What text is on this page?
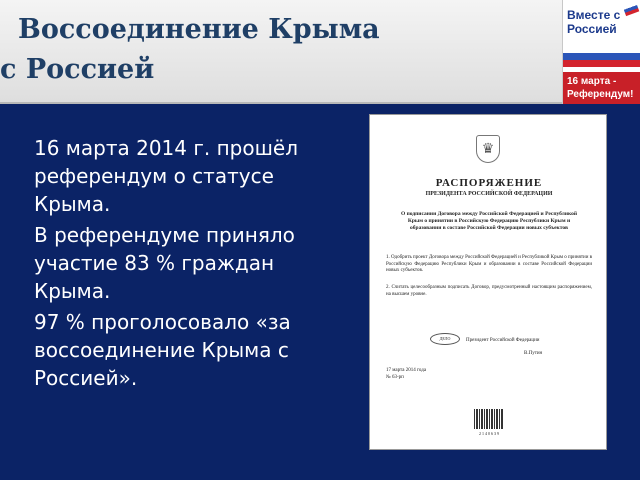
Воссоединение Крыма
с Россией
Вместе с Россией
16 марта - Референдум!

16 марта 2014 г. прошёл референдум о статусе Крыма.

В референдуме приняло участие 83 % граждан Крыма.

97 % проголосовало «за воссоединение Крыма с Россией».

♛
РАСПОРЯЖЕНИЕ
ПРЕЗИДЕНТА РОССИЙСКОЙ ФЕДЕРАЦИИ
О подписании Договора между Российской Федерацией и Республикой Крым о принятии в Российскую Федерацию Республики Крым и образовании в составе Российской Федерации новых субъектов
1. Одобрить проект Договора между Российской Федерацией и Республикой Крым о принятии в Российскую Федерацию Республики Крым и образовании в составе Российской Федерации новых субъектов.
2. Считать целесообразным подписать Договор, предусмотренный настоящим распоряжением, на высшем уровне.
ДЕЛО	Президент Российской Федерации
В.Путин
17 марта 2014 года
№ 63-рп
2 1 4 0 6 3 9
